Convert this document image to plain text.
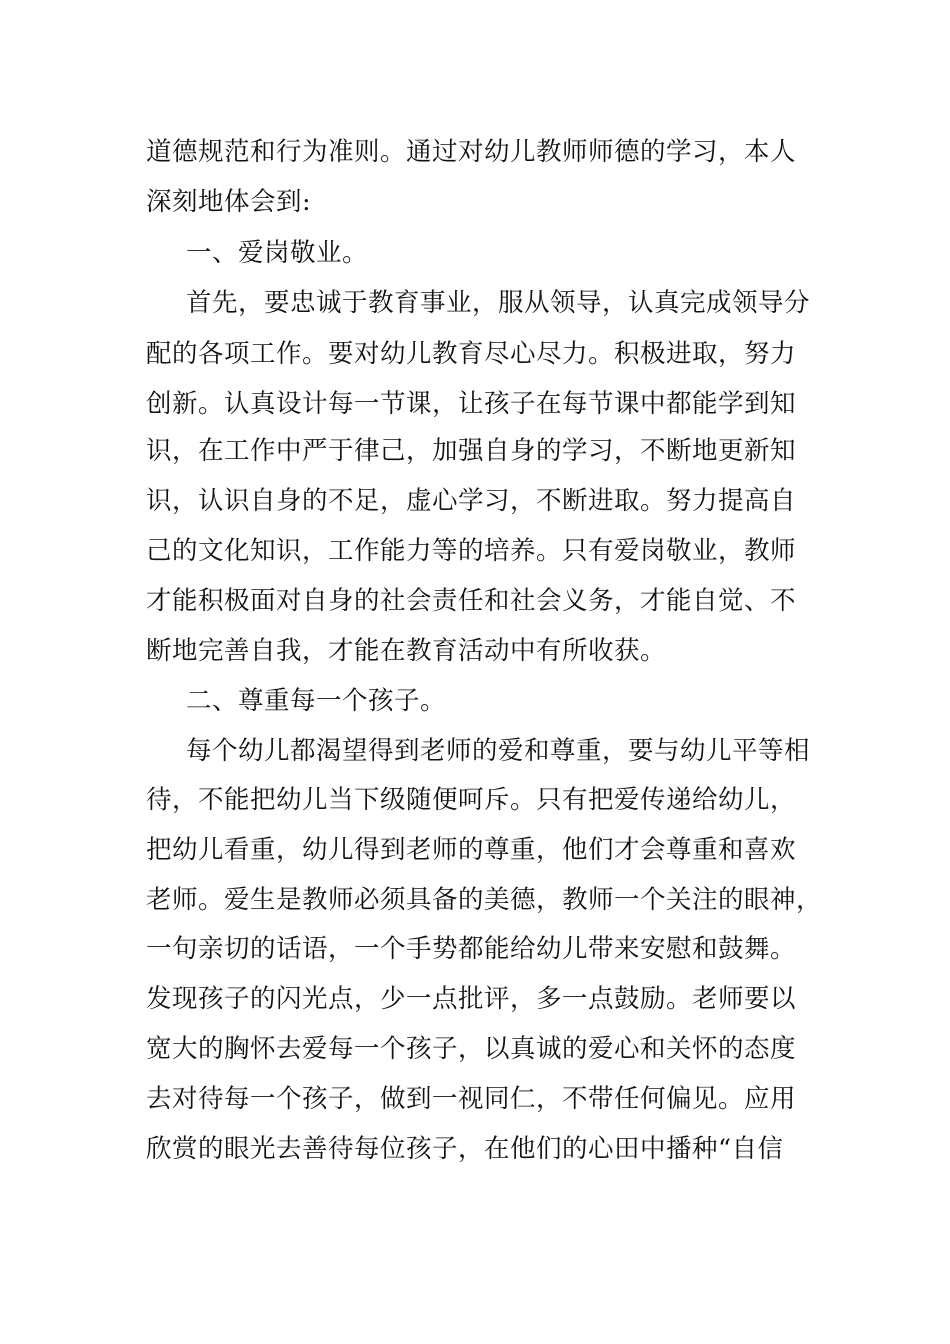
道德规范和行为准则。通过对幼儿教师师德的学习，本人
深刻地体会到:
一、爱岗敬业。
首先，要忠诚于教育事业，服从领导，认真完成领导分
配的各项工作。要对幼儿教育尽心尽力。积极进取，努力
创新。认真设计每一节课，让孩子在每节课中都能学到知
识，在工作中严于律己，加强自身的学习，不断地更新知
识，认识自身的不足，虚心学习，不断进取。努力提高自
己的文化知识，工作能力等的培养。只有爱岗敬业，教师
才能积极面对自身的社会责任和社会义务，才能自觉、不
断地完善自我，才能在教育活动中有所收获。
二、尊重每一个孩子。
每个幼儿都渴望得到老师的爱和尊重，要与幼儿平等相
待，不能把幼儿当下级随便呵斥。只有把爱传递给幼儿，
把幼儿看重，幼儿得到老师的尊重，他们才会尊重和喜欢
老师。爱生是教师必须具备的美德，教师一个关注的眼神，
一句亲切的话语，一个手势都能给幼儿带来安慰和鼓舞。
发现孩子的闪光点，少一点批评，多一点鼓励。老师要以
宽大的胸怀去爱每一个孩子，以真诚的爱心和关怀的态度
去对待每一个孩子，做到一视同仁，不带任何偏见。应用
欣赏的眼光去善待每位孩子，在他们的心田中播种“自信
